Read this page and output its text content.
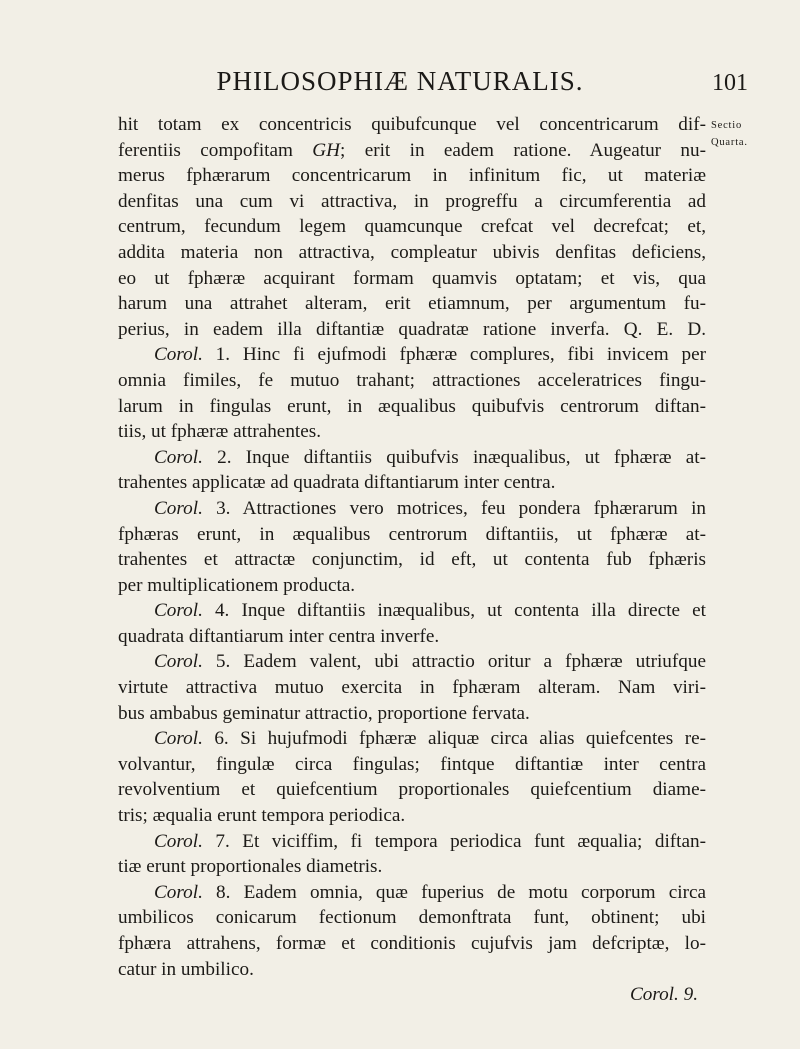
PHILOSOPHIÆ NATURALIS.	101
Sectio
Quarta.
hit totam ex concentricis quibufcunque vel concentricarum dif-
ferentiis compofitam GH; erit in eadem ratione. Augeatur nu-
merus fphærarum concentricarum in infinitum fic, ut materiæ
denfitas una cum vi attractiva, in progreffu a circumferentia ad
centrum, fecundum legem quamcunque crefcat vel decrefcat; et,
addita materia non attractiva, compleatur ubivis denfitas deficiens,
eo ut fphæræ acquirant formam quamvis optatam; et vis, qua
harum una attrahet alteram, erit etiamnum, per argumentum fu-
perius, in eadem illa diftantiæ quadratæ ratione inverfa. Q. E. D.
Corol. 1. Hinc fi ejufmodi fphæræ complures, fibi invicem per
omnia fimiles, fe mutuo trahant; attractiones acceleratrices fingu-
larum in fingulas erunt, in æqualibus quibufvis centrorum diftan-
tiis, ut fphæræ attrahentes.
Corol. 2. Inque diftantiis quibufvis inæqualibus, ut fphæræ at-
trahentes applicatæ ad quadrata diftantiarum inter centra.
Corol. 3. Attractiones vero motrices, feu pondera fphærarum in
fphæras erunt, in æqualibus centrorum diftantiis, ut fphæræ at-
trahentes et attractæ conjunctim, id eft, ut contenta fub fphæris
per multiplicationem producta.
Corol. 4. Inque diftantiis inæqualibus, ut contenta illa directe et
quadrata diftantiarum inter centra inverfe.
Corol. 5. Eadem valent, ubi attractio oritur a fphæræ utriufque
virtute attractiva mutuo exercita in fphæram alteram. Nam viri-
bus ambabus geminatur attractio, proportione fervata.
Corol. 6. Si hujufmodi fphæræ aliquæ circa alias quiefcentes re-
volvantur, fingulæ circa fingulas; fintque diftantiæ inter centra
revolventium et quiefcentium proportionales quiefcentium diame-
tris; æqualia erunt tempora periodica.
Corol. 7. Et viciffim, fi tempora periodica funt æqualia; diftan-
tiæ erunt proportionales diametris.
Corol. 8. Eadem omnia, quæ fuperius de motu corporum circa
umbilicos conicarum fectionum demonftrata funt, obtinent; ubi
fphæra attrahens, formæ et conditionis cujufvis jam defcriptæ, lo-
catur in umbilico.
Corol. 9.
